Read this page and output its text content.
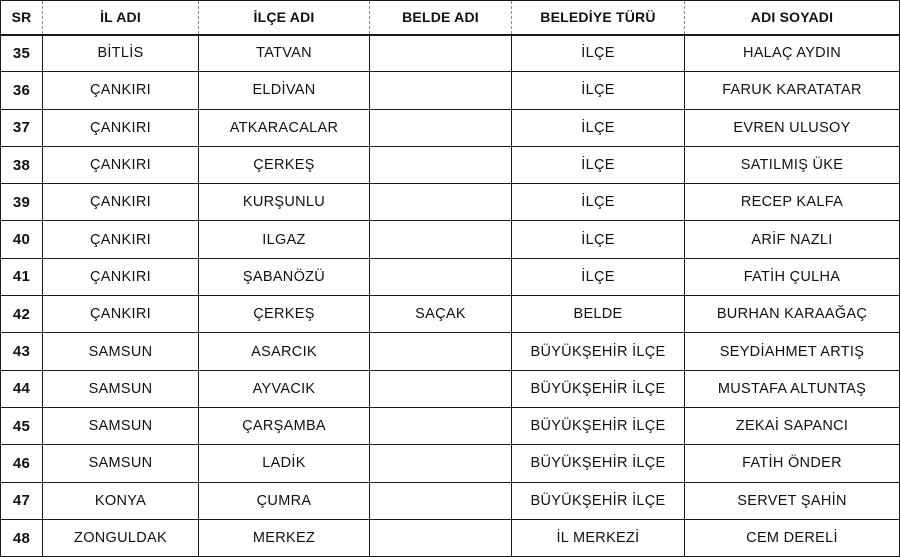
SR	İL ADI	İLÇE ADI	BELDE ADI	BELEDİYE TÜRÜ	ADI SOYADI
35	BİTLİS	TATVAN		İLÇE	HALAÇ AYDIN
36	ÇANKIRI	ELDİVAN		İLÇE	FARUK KARATATAR
37	ÇANKIRI	ATKARACALAR		İLÇE	EVREN ULUSOY
38	ÇANKIRI	ÇERKEŞ		İLÇE	SATILMIŞ ÜKE
39	ÇANKIRI	KURŞUNLU		İLÇE	RECEP KALFA
40	ÇANKIRI	ILGAZ		İLÇE	ARİF NAZLI
41	ÇANKIRI	ŞABANÖZÜ		İLÇE	FATİH ÇULHA
42	ÇANKIRI	ÇERKEŞ	SAÇAK	BELDE	BURHAN KARAAĞAÇ
43	SAMSUN	ASARCIK		BÜYÜKŞEHİR İLÇE	SEYDİAHMET ARTIŞ
44	SAMSUN	AYVACIK		BÜYÜKŞEHİR İLÇE	MUSTAFA ALTUNTAŞ
45	SAMSUN	ÇARŞAMBA		BÜYÜKŞEHİR İLÇE	ZEKAİ SAPANCI
46	SAMSUN	LADİK		BÜYÜKŞEHİR İLÇE	FATİH ÖNDER
47	KONYA	ÇUMRA		BÜYÜKŞEHİR İLÇE	SERVET ŞAHİN
48	ZONGULDAK	MERKEZ		İL MERKEZİ	CEM DERELİ
